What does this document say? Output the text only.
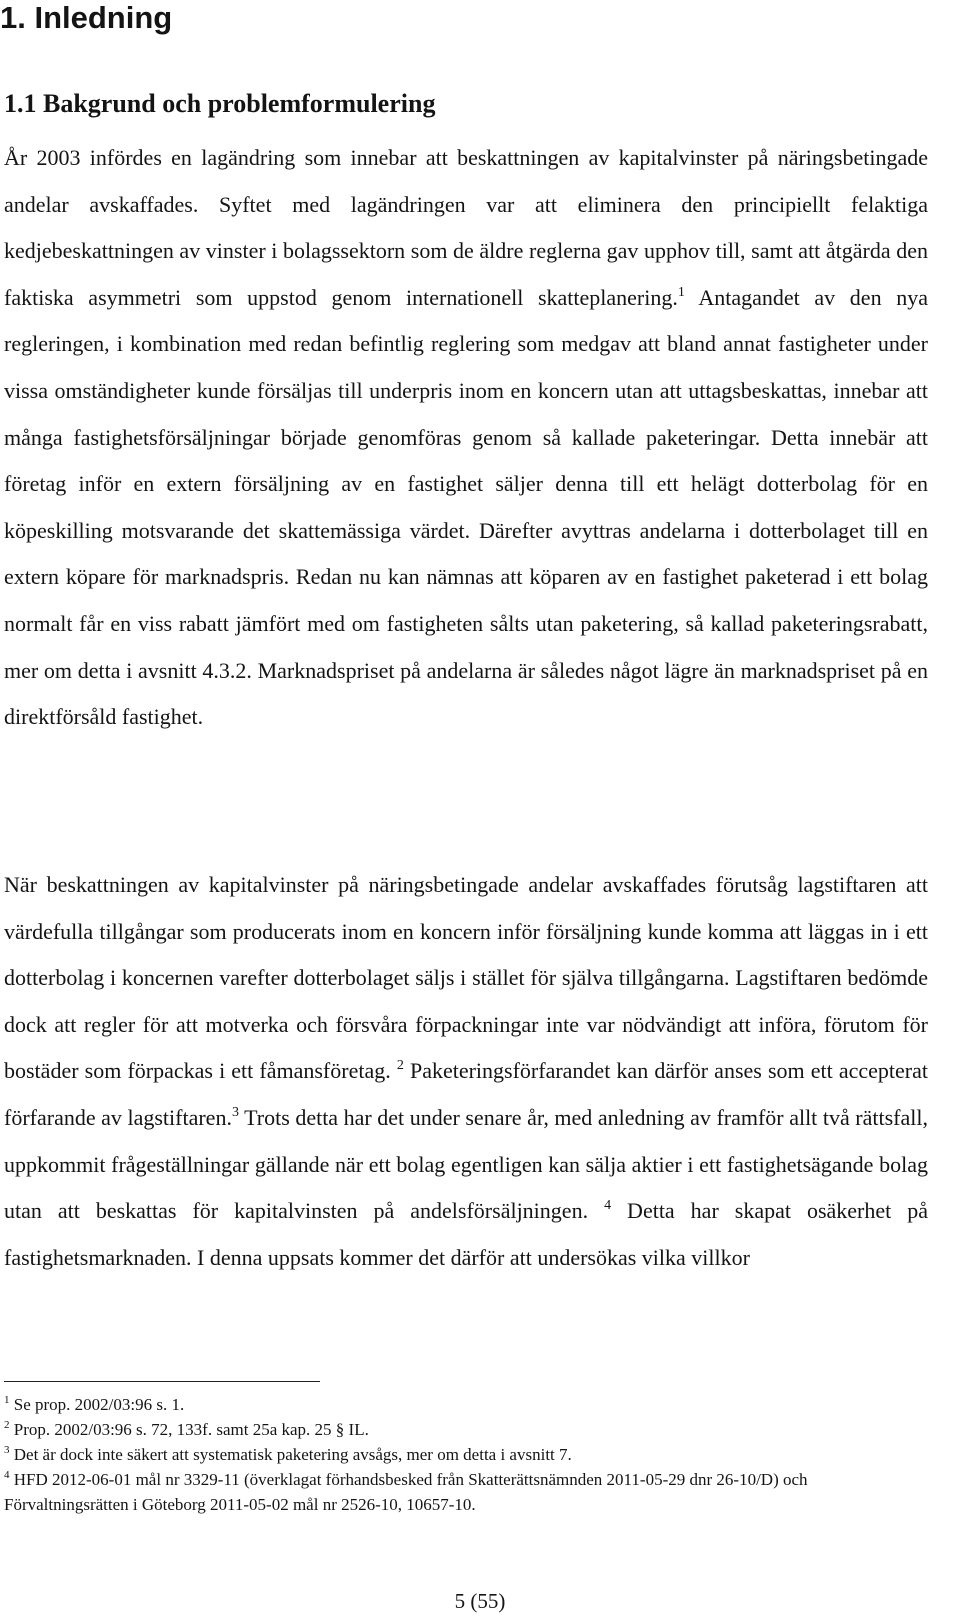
1. Inledning
1.1 Bakgrund och problemformulering

År 2003 infördes en lagändring som innebar att beskattningen av kapitalvinster på näringsbetingade andelar avskaffades. Syftet med lagändringen var att eliminera den principiellt felaktiga kedjebeskattningen av vinster i bolagssektorn som de äldre reglerna gav upphov till, samt att åtgärda den faktiska asymmetri som uppstod genom internationell skatteplanering.$^1$ Antagandet av den nya regleringen, i kombination med redan befintlig reglering som medgav att bland annat fastigheter under vissa omständigheter kunde försäljas till underpris inom en koncern utan att uttagsbeskattas, innebar att många fastighetsförsäljningar började genomföras genom så kallade paketeringar. Detta innebär att företag inför en extern försäljning av en fastighet säljer denna till ett helägt dotterbolag för en köpeskilling motsvarande det skattemässiga värdet. Därefter avyttras andelarna i dotterbolaget till en extern köpare för marknadspris. Redan nu kan nämnas att köparen av en fastighet paketerad i ett bolag normalt får en viss rabatt jämfört med om fastigheten sålts utan paketering, så kallad paketeringsrabatt, mer om detta i avsnitt 4.3.2. Marknadspriset på andelarna är således något lägre än marknadspriset på en direktförsåld fastighet.

När beskattningen av kapitalvinster på näringsbetingade andelar avskaffades förutsåg lagstiftaren att värdefulla tillgångar som producerats inom en koncern inför försäljning kunde komma att läggas in i ett dotterbolag i koncernen varefter dotterbolaget säljs i stället för själva tillgångarna. Lagstiftaren bedömde dock att regler för att motverka och försvåra förpackningar inte var nödvändigt att införa, förutom för bostäder som förpackas i ett fåmansföretag. $^2$ Paketeringsförfarandet kan därför anses som ett accepterat förfarande av lagstiftaren.$^3$ Trots detta har det under senare år, med anledning av framför allt två rättsfall, uppkommit frågeställningar gällande när ett bolag egentligen kan sälja aktier i ett fastighetsägande bolag utan att beskattas för kapitalvinsten på andelsförsäljningen. $^4$ Detta har skapat osäkerhet på fastighetsmarknaden. I denna uppsats kommer det därför att undersökas vilka villkor

$^1$ Se prop. 2002/03:96 s. 1.

$^2$ Prop. 2002/03:96 s. 72, 133f. samt 25a kap. 25 § IL.

$^3$ Det är dock inte säkert att systematisk paketering avsågs, mer om detta i avsnitt 7.

$^4$ HFD 2012-06-01 mål nr 3329-11 (överklagat förhandsbesked från Skatterättsnämnden 2011-05-29 dnr 26-10/D) och Förvaltningsrätten i Göteborg 2011-05-02 mål nr 2526-10, 10657-10.

5 (55)
